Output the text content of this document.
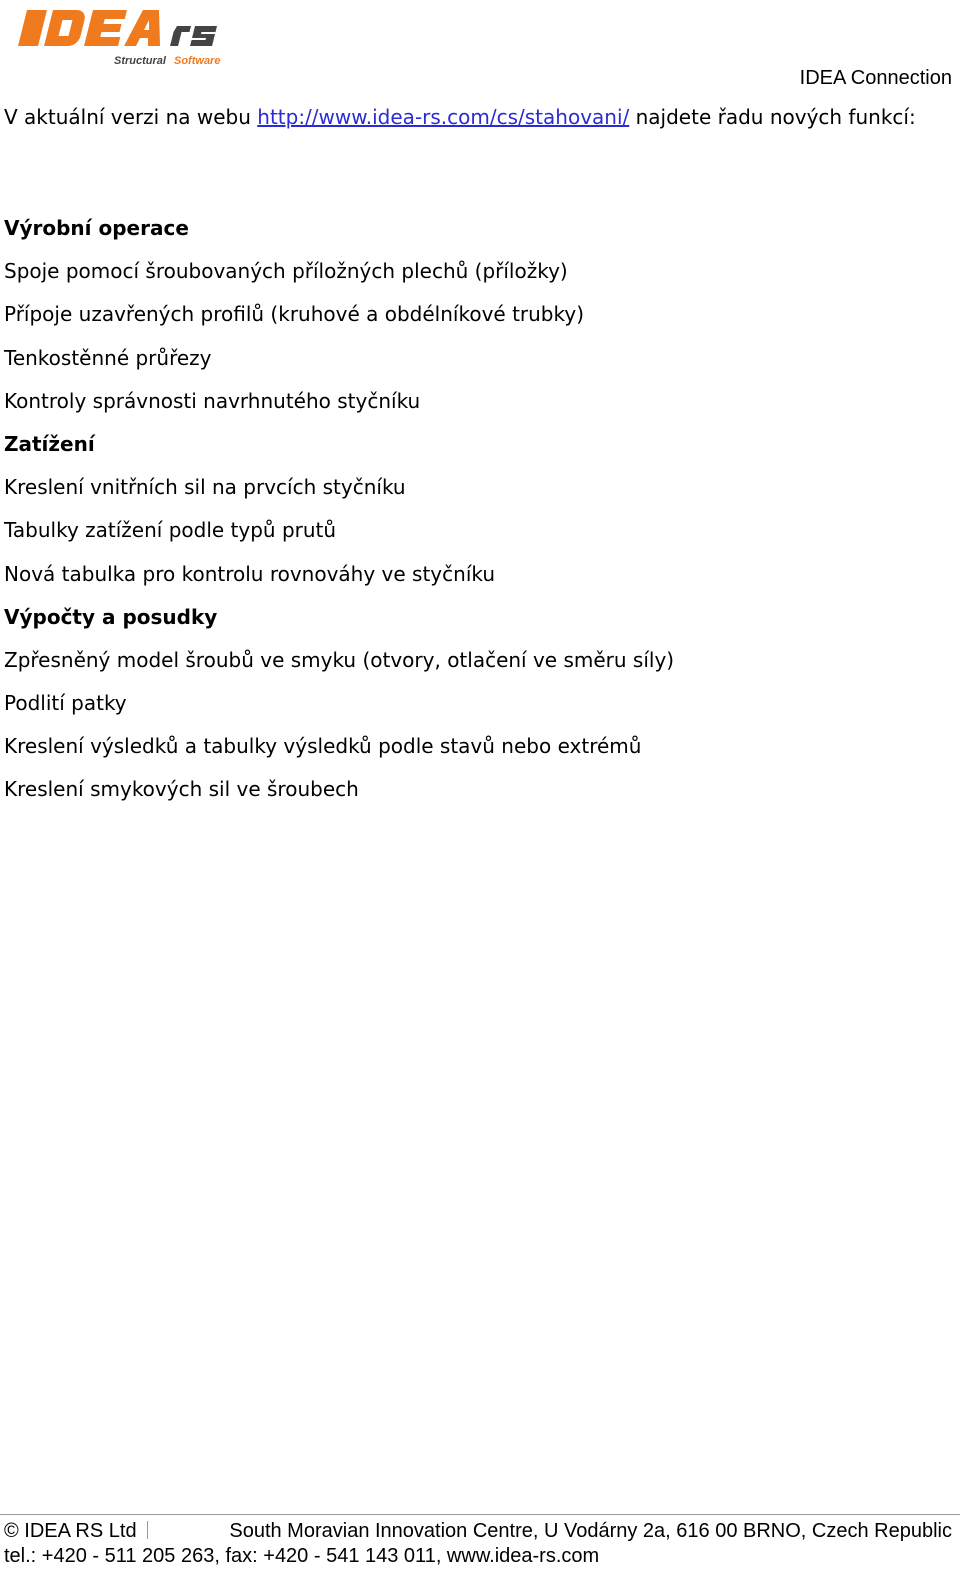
Structural Software
IDEA Connection
V aktuální verzi na webu http://www.idea-rs.com/cs/stahovani/ najdete řadu nových funkcí:
Výrobní operace
Spoje pomocí šroubovaných příložných plechů (příložky)
Přípoje uzavřených profilů (kruhové a obdélníkové trubky)
Tenkostěnné průřezy
Kontroly správnosti navrhnutého styčníku
Zatížení
Kreslení vnitřních sil na prvcích styčníku
Tabulky zatížení podle typů prutů
Nová tabulka pro kontrolu rovnováhy ve styčníku
Výpočty a posudky
Zpřesněný model šroubů ve smyku (otvory, otlačení ve směru síly)
Podlití patky
Kreslení výsledků a tabulky výsledků podle stavů nebo extrémů
Kreslení smykových sil ve šroubech
© IDEA RS Ltd	South Moravian Innovation Centre, U Vodárny 2a, 616 00 BRNO, Czech Republic
tel.: +420 - 511 205 263, fax: +420 - 541 143 011, www.idea-rs.com
